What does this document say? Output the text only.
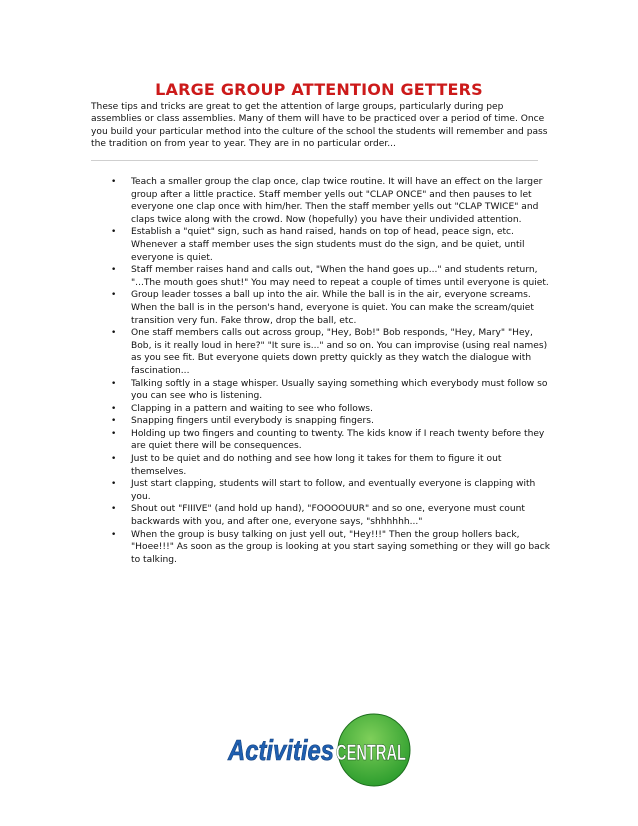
LARGE GROUP ATTENTION GETTERS

These tips and tricks are great to get the attention of large groups, particularly during pep assemblies or class assemblies. Many of them will have to be practiced over a period of time. Once you build your particular method into the culture of the school the students will remember and pass the tradition on from year to year. They are in no particular order...

• Teach a smaller group the clap once, clap twice routine. It will have an effect on the larger group after a little practice. Staff member yells out "CLAP ONCE" and then pauses to let everyone one clap once with him/her. Then the staff member yells out "CLAP TWICE" and claps twice along with the crowd. Now (hopefully) you have their undivided attention.
• Establish a "quiet" sign, such as hand raised, hands on top of head, peace sign, etc. Whenever a staff member uses the sign students must do the sign, and be quiet, until everyone is quiet.
• Staff member raises hand and calls out, "When the hand goes up..." and students return, "...The mouth goes shut!" You may need to repeat a couple of times until everyone is quiet.
• Group leader tosses a ball up into the air. While the ball is in the air, everyone screams. When the ball is in the person's hand, everyone is quiet. You can make the scream/quiet transition very fun. Fake throw, drop the ball, etc.
• One staff members calls out across group, "Hey, Bob!" Bob responds, "Hey, Mary" "Hey, Bob, is it really loud in here?" "It sure is..." and so on. You can improvise (using real names) as you see fit. But everyone quiets down pretty quickly as they watch the dialogue with fascination...
• Talking softly in a stage whisper. Usually saying something which everybody must follow so you can see who is listening.
• Clapping in a pattern and waiting to see who follows.
• Snapping fingers until everybody is snapping fingers.
• Holding up two fingers and counting to twenty. The kids know if I reach twenty before they are quiet there will be consequences.
• Just to be quiet and do nothing and see how long it takes for them to figure it out themselves.
• Just start clapping, students will start to follow, and eventually everyone is clapping with you.
• Shout out "FIIIVE" (and hold up hand), "FOOOOUUR" and so one, everyone must count backwards with you, and after one, everyone says, "shhhhhh..."
• When the group is busy talking on just yell out, "Hey!!!" Then the group hollers back, "Hoee!!!" As soon as the group is looking at you start saying something or they will go back to talking.
Activities CENTRAL
